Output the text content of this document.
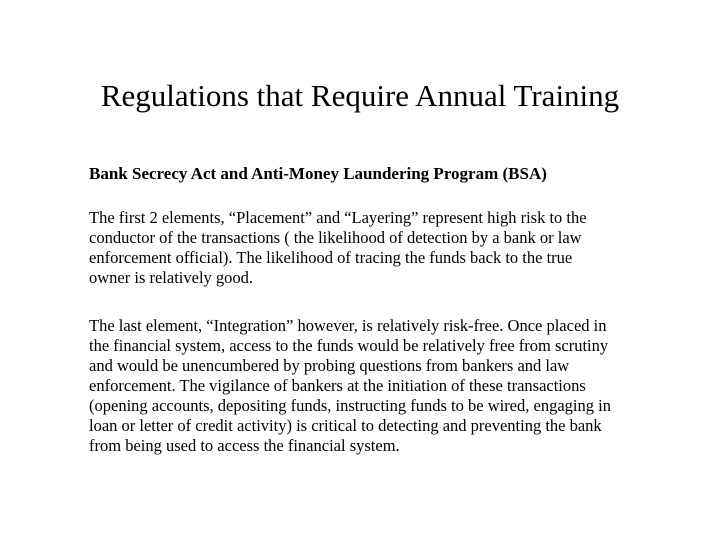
Regulations that Require Annual Training
Bank Secrecy Act and Anti-Money Laundering Program (BSA)
The first 2 elements, “Placement” and “Layering” represent high risk to the
conductor of the transactions ( the likelihood of detection by a bank or law
enforcement official). The likelihood of tracing the funds back to the true
owner is relatively good.
The last element, “Integration” however, is relatively risk-free. Once placed in
the financial system, access to the funds would be relatively free from scrutiny
and would be unencumbered by probing questions from bankers and law
enforcement. The vigilance of bankers at the initiation of these transactions
(opening accounts, depositing funds, instructing funds to be wired, engaging in
loan or letter of credit activity) is critical to detecting and preventing the bank
from being used to access the financial system.
